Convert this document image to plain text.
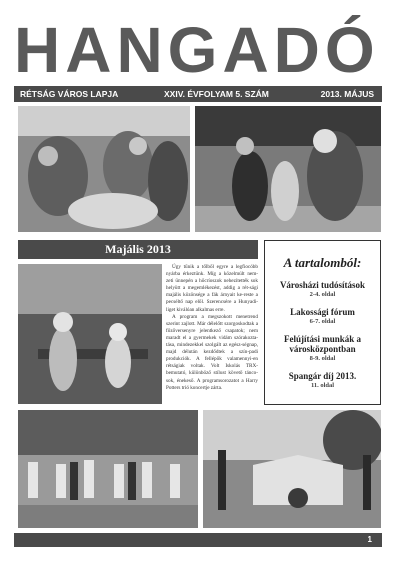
HANGADÓ
RÉTSÁG VÁROS LAPJA	XXIV. ÉVFOLYAM 5. SZÁM	2013. MÁJUS
Majális 2013

Úgy tűnik a tőlből egyre a legfiocóbb nyárba érkeztünk. Míg a közelmúlt nem-zeti ünnepén a hőcríoszok nehezítették sok helyütt a megemlékezést, addig a rét-sági majális közönsége a fák árnyait ke-reste a pecséltő nap elől. Szerencsére a Hunyadi-liget kiválóan alkalmas erre.

A program a megszokott menetrend szerint zajlott. Már délelőtt szorgoskodtak a főzőversenyre jelentkező csapatok; nem maradt el a gyermekek vidám szórakozta-tása, mindezekkel szolgált az egész-ségnap, majd délután kezdődtek a szín-padi produkciók. A fellépők valamennyi-en rétságiak voltak. Volt Iskolás TRX-bemutató, különböző stílust követő tánco-sok, énekeső. A programsorozatot a Harry Potters trió koncertje zárta.

A tartalomból:
Városházi tudósítások
2-4. oldal
Lakossági fórum
6-7. oldal
Felújítási munkák a városközpontban
8-9. oldal
Spangár díj 2013.
11. oldal
1
